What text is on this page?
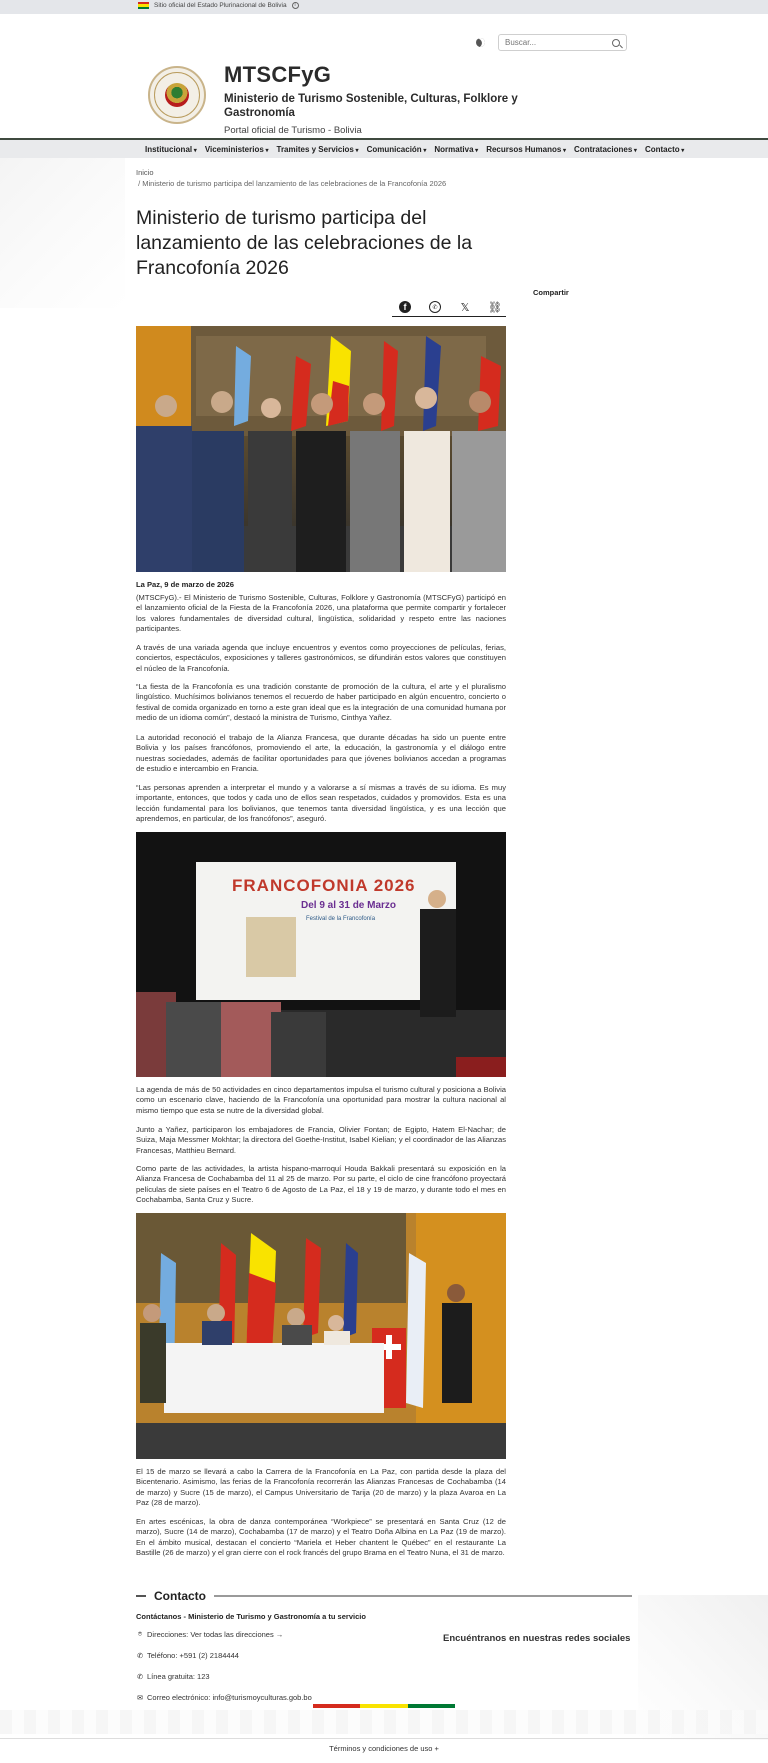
Sitio oficial del Estado Plurinacional de Bolivia	i
Buscar...
MTSCFyG
Ministerio de Turismo Sostenible, Culturas, Folklore y Gastronomía
Portal oficial de Turismo - Bolivia
Institucional ▾	Viceministerios ▾	Tramites y Servicios ▾	Comunicación ▾	Normativa ▾	Recursos Humanos ▾	Contrataciones ▾	Contacto ▾
Inicio
/ Ministerio de turismo participa del lanzamiento de las celebraciones de la Francofonía 2026
Ministerio de turismo participa del lanzamiento de las celebraciones de la Francofonía 2026
Compartir
f	✆	𝕏 ⛓
La Paz, 9 de marzo de 2026
(MTSCFyG).- El Ministerio de Turismo Sostenible, Culturas, Folklore y Gastronomía (MTSCFyG) participó en el lanzamiento oficial de la Fiesta de la Francofonía 2026, una plataforma que permite compartir y fortalecer los valores fundamentales de diversidad cultural, lingüística, solidaridad y respeto entre las naciones participantes.
A través de una variada agenda que incluye encuentros y eventos como proyecciones de películas, ferias, conciertos, espectáculos, exposiciones y talleres gastronómicos, se difundirán estos valores que constituyen el núcleo de la Francofonía.
“La fiesta de la Francofonía es una tradición constante de promoción de la cultura, el arte y el pluralismo lingüístico. Muchísimos bolivianos tenemos el recuerdo de haber participado en algún encuentro, concierto o festival de comida organizado en torno a este gran ideal que es la integración de una comunidad humana por medio de un idioma común”, destacó la ministra de Turismo, Cinthya Yañez.
La autoridad reconoció el trabajo de la Alianza Francesa, que durante décadas ha sido un puente entre Bolivia y los países francófonos, promoviendo el arte, la educación, la gastronomía y el diálogo entre nuestras sociedades, además de facilitar oportunidades para que jóvenes bolivianos accedan a programas de estudio e intercambio en Francia.
“Las personas aprenden a interpretar el mundo y a valorarse a sí mismas a través de su idioma. Es muy importante, entonces, que todos y cada uno de ellos sean respetados, cuidados y promovidos. Esta es una lección fundamental para los bolivianos, que tenemos tanta diversidad lingüística, y es una lección que aprendemos, en particular, de los francófonos”, aseguró.
FRANCOFONIA 2026
Del 9 al 31 de Marzo
Festival de la Francofonía
La agenda de más de 50 actividades en cinco departamentos impulsa el turismo cultural y posiciona a Bolivia como un escenario clave, haciendo de la Francofonía una oportunidad para mostrar la cultura nacional al mismo tiempo que esta se nutre de la diversidad global.
Junto a Yañez, participaron los embajadores de Francia, Olivier Fontan; de Egipto, Hatem El-Nachar; de Suiza, Maja Messmer Mokhtar; la directora del Goethe-Institut, Isabel Kielian; y el coordinador de las Alianzas Francesas, Matthieu Bernard.
Como parte de las actividades, la artista hispano-marroquí Houda Bakkali presentará su exposición en la Alianza Francesa de Cochabamba del 11 al 25 de marzo. Por su parte, el ciclo de cine francófono proyectará películas de siete países en el Teatro 6 de Agosto de La Paz, el 18 y 19 de marzo, y durante todo el mes en Cochabamba, Santa Cruz y Sucre.
El 15 de marzo se llevará a cabo la Carrera de la Francofonía en La Paz, con partida desde la plaza del Bicentenario. Asimismo, las ferias de la Francofonía recorrerán las Alianzas Francesas de Cochabamba (14 de marzo) y Sucre (15 de marzo), el Campus Universitario de Tarija (20 de marzo) y la plaza Avaroa en La Paz (28 de marzo).
En artes escénicas, la obra de danza contemporánea “Workpiece” se presentará en Santa Cruz (12 de marzo), Sucre (14 de marzo), Cochabamba (17 de marzo) y el Teatro Doña Albina en La Paz (19 de marzo). En el ámbito musical, destacan el concierto “Mariela et Heber chantent le Québec” en el restaurante La Bastille (26 de marzo) y el gran cierre con el rock francés del grupo Brama en el Teatro Nuna, el 31 de marzo.
Contacto
Contáctanos - Ministerio de Turismo y Gastronomía a tu servicio
⌾ Direcciones: Ver todas las direcciones →
✆ Teléfono: +591 (2) 2184444
✆ Línea gratuita: 123
✉ Correo electrónico: info@turismoyculturas.gob.bo
Encuéntranos en nuestras redes sociales
Términos y condiciones de uso +
